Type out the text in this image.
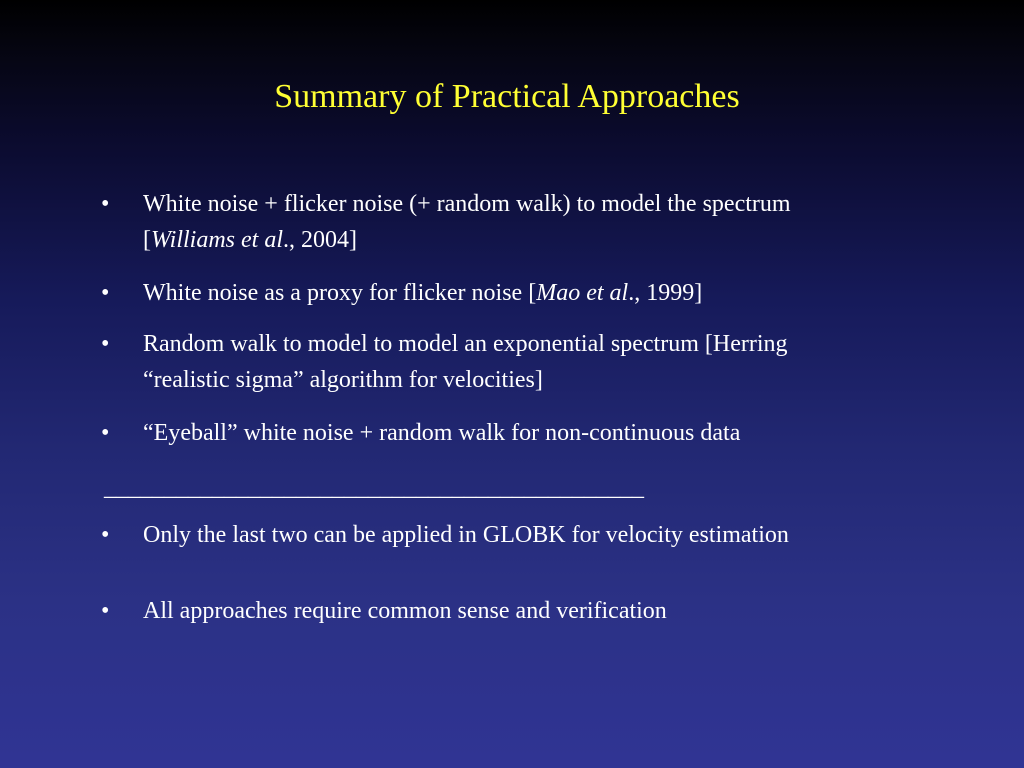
Summary of Practical Approaches
• White noise + flicker noise (+ random walk) to model the spectrum
[Williams et al., 2004]
• White noise as a proxy for flicker noise [Mao et al., 1999]
• Random walk to model to model an exponential spectrum [Herring
“realistic sigma” algorithm for velocities]
• “Eyeball” white noise + random walk for non-continuous data
_____________________________________________
• Only the last two can be applied in GLOBK for velocity estimation
• All approaches require common sense and verification
